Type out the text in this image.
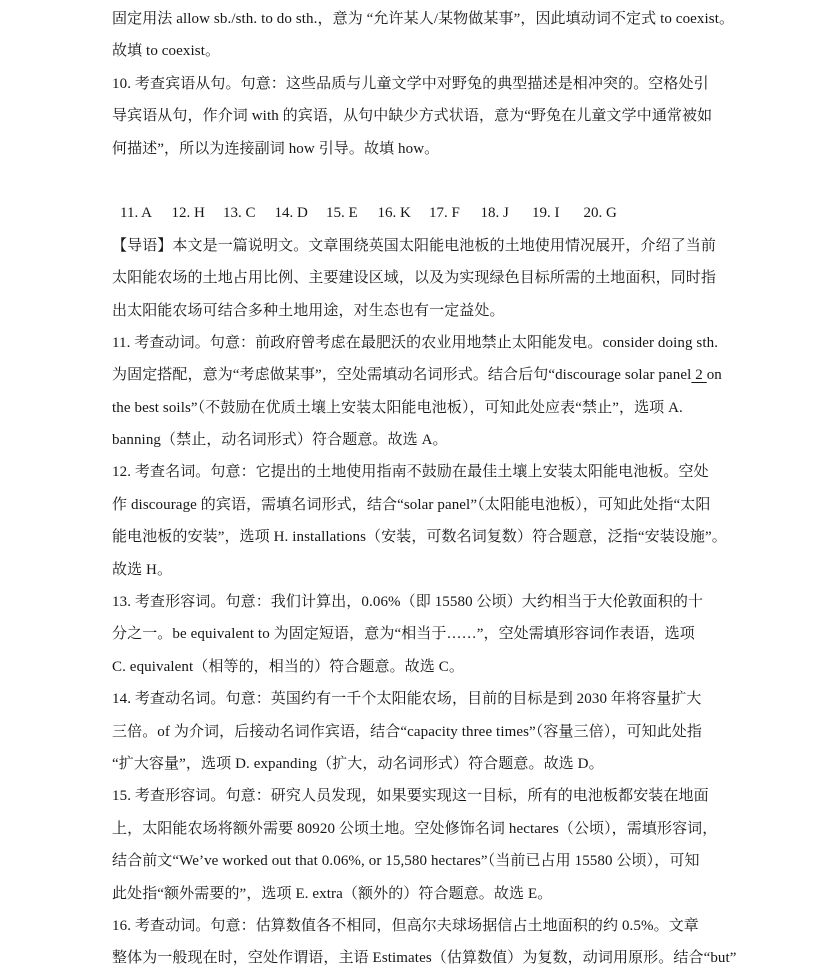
固定用法 allow sb./sth. to do sth.，意为 “允许某人/某物做某事”，因此填动词不定式 to coexist。
故填 to coexist。
10. 考查宾语从句。句意：这些品质与儿童文学中对野兔的典型描述是相冲突的。空格处引
导宾语从句，作介词 with 的宾语，从句中缺少方式状语，意为“野兔在儿童文学中通常被如
何描述”，所以为连接副词 how 引导。故填 how。
11. A	12. H	13. C	14. D	15. E	16. K	17. F	18. J	19. I	20. G
【导语】本文是一篇说明文。文章围绕英国太阳能电池板的土地使用情况展开，介绍了当前
太阳能农场的土地占用比例、主要建设区域，以及为实现绿色目标所需的土地面积，同时指
出太阳能农场可结合多种土地用途，对生态也有一定益处。
11. 考查动词。句意：前政府曾考虑在最肥沃的农业用地禁止太阳能发电。consider doing sth.
为固定搭配，意为“考虑做某事”，空处需填动名词形式。结合后句“discourage solar panel 2 on
the best soils”（不鼓励在优质土壤上安装太阳能电池板），可知此处应表“禁止”，选项 A.
banning（禁止，动名词形式）符合题意。故选 A。
12. 考查名词。句意：它提出的土地使用指南不鼓励在最佳土壤上安装太阳能电池板。空处
作 discourage 的宾语，需填名词形式，结合“solar panel”（太阳能电池板），可知此处指“太阳
能电池板的安装”，选项 H. installations（安装，可数名词复数）符合题意，泛指“安装设施”。
故选 H。
13. 考查形容词。句意：我们计算出，0.06%（即 15580 公顷）大约相当于大伦敦面积的十
分之一。be equivalent to 为固定短语，意为“相当于……”，空处需填形容词作表语，选项
C. equivalent（相等的，相当的）符合题意。故选 C。
14. 考查动名词。句意：英国约有一千个太阳能农场，目前的目标是到 2030 年将容量扩大
三倍。of 为介词，后接动名词作宾语，结合“capacity three times”（容量三倍），可知此处指
“扩大容量”，选项 D. expanding（扩大，动名词形式）符合题意。故选 D。
15. 考查形容词。句意：研究人员发现，如果要实现这一目标，所有的电池板都安装在地面
上，太阳能农场将额外需要 80920 公顷土地。空处修饰名词 hectares（公顷），需填形容词，
结合前文“We’ve worked out that 0.06%, or 15,580 hectares”（当前已占用 15580 公顷），可知
此处指“额外需要的”，选项 E. extra（额外的）符合题意。故选 E。
16. 考查动词。句意：估算数值各不相同，但高尔夫球场据信占土地面积的约 0.5%。文章
整体为一般现在时，空处作谓语，主语 Estimates（估算数值）为复数，动词用原形。结合“but”
